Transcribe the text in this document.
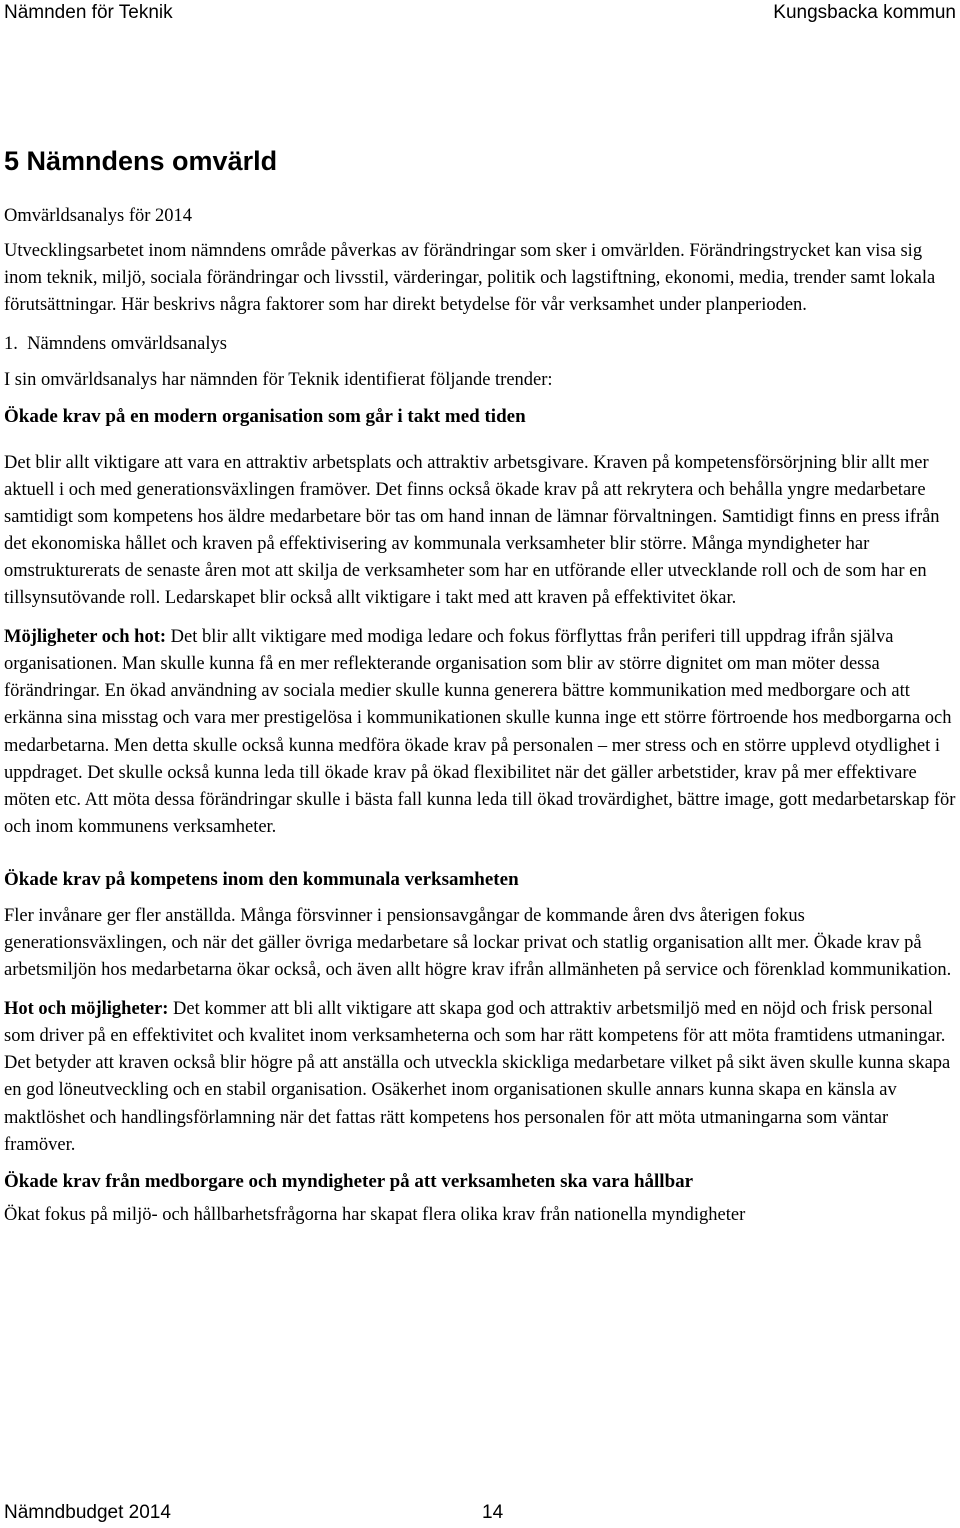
Nämnden för Teknik	Kungsbacka kommun
5 Nämndens omvärld

Omvärldsanalys för 2014

Utvecklingsarbetet inom nämndens område påverkas av förändringar som sker i omvärlden. Förändringstrycket kan visa sig inom teknik, miljö, sociala förändringar och livsstil, värderingar, politik och lagstiftning, ekonomi, media, trender samt lokala förutsättningar. Här beskrivs några faktorer som har direkt betydelse för vår verksamhet under planperioden.

1. Nämndens omvärldsanalys

I sin omvärldsanalys har nämnden för Teknik identifierat följande trender:

Ökade krav på en modern organisation som går i takt med tiden

Det blir allt viktigare att vara en attraktiv arbetsplats och attraktiv arbetsgivare. Kraven på kompetensförsörjning blir allt mer aktuell i och med generationsväxlingen framöver. Det finns också ökade krav på att rekrytera och behålla yngre medarbetare samtidigt som kompetens hos äldre medarbetare bör tas om hand innan de lämnar förvaltningen. Samtidigt finns en press ifrån det ekonomiska hållet och kraven på effektivisering av kommunala verksamheter blir större. Många myndigheter har omstrukturerats de senaste åren mot att skilja de verksamheter som har en utförande eller utvecklande roll och de som har en tillsynsutövande roll. Ledarskapet blir också allt viktigare i takt med att kraven på effektivitet ökar.

Möjligheter och hot: Det blir allt viktigare med modiga ledare och fokus förflyttas från periferi till uppdrag ifrån själva organisationen. Man skulle kunna få en mer reflekterande organisation som blir av större dignitet om man möter dessa förändringar. En ökad användning av sociala medier skulle kunna generera bättre kommunikation med medborgare och att erkänna sina misstag och vara mer prestigelösa i kommunikationen skulle kunna inge ett större förtroende hos medborgarna och medarbetarna. Men detta skulle också kunna medföra ökade krav på personalen – mer stress och en större upplevd otydlighet i uppdraget. Det skulle också kunna leda till ökade krav på ökad flexibilitet när det gäller arbetstider, krav på mer effektivare möten etc. Att möta dessa förändringar skulle i bästa fall kunna leda till ökad trovärdighet, bättre image, gott medarbetarskap för och inom kommunens verksamheter.

Ökade krav på kompetens inom den kommunala verksamheten

Fler invånare ger fler anställda. Många försvinner i pensionsavgångar de kommande åren dvs återigen fokus generationsväxlingen, och när det gäller övriga medarbetare så lockar privat och statlig organisation allt mer. Ökade krav på arbetsmiljön hos medarbetarna ökar också, och även allt högre krav ifrån allmänheten på service och förenklad kommunikation.

Hot och möjligheter: Det kommer att bli allt viktigare att skapa god och attraktiv arbetsmiljö med en nöjd och frisk personal som driver på en effektivitet och kvalitet inom verksamheterna och som har rätt kompetens för att möta framtidens utmaningar. Det betyder att kraven också blir högre på att anställa och utveckla skickliga medarbetare vilket på sikt även skulle kunna skapa en god löneutveckling och en stabil organisation. Osäkerhet inom organisationen skulle annars kunna skapa en känsla av maktlöshet och handlingsförlamning när det fattas rätt kompetens hos personalen för att möta utmaningarna som väntar framöver.

Ökade krav från medborgare och myndigheter på att verksamheten ska vara hållbar

Ökat fokus på miljö- och hållbarhetsfrågorna har skapat flera olika krav från nationella myndigheter

Nämndbudget 2014	14
